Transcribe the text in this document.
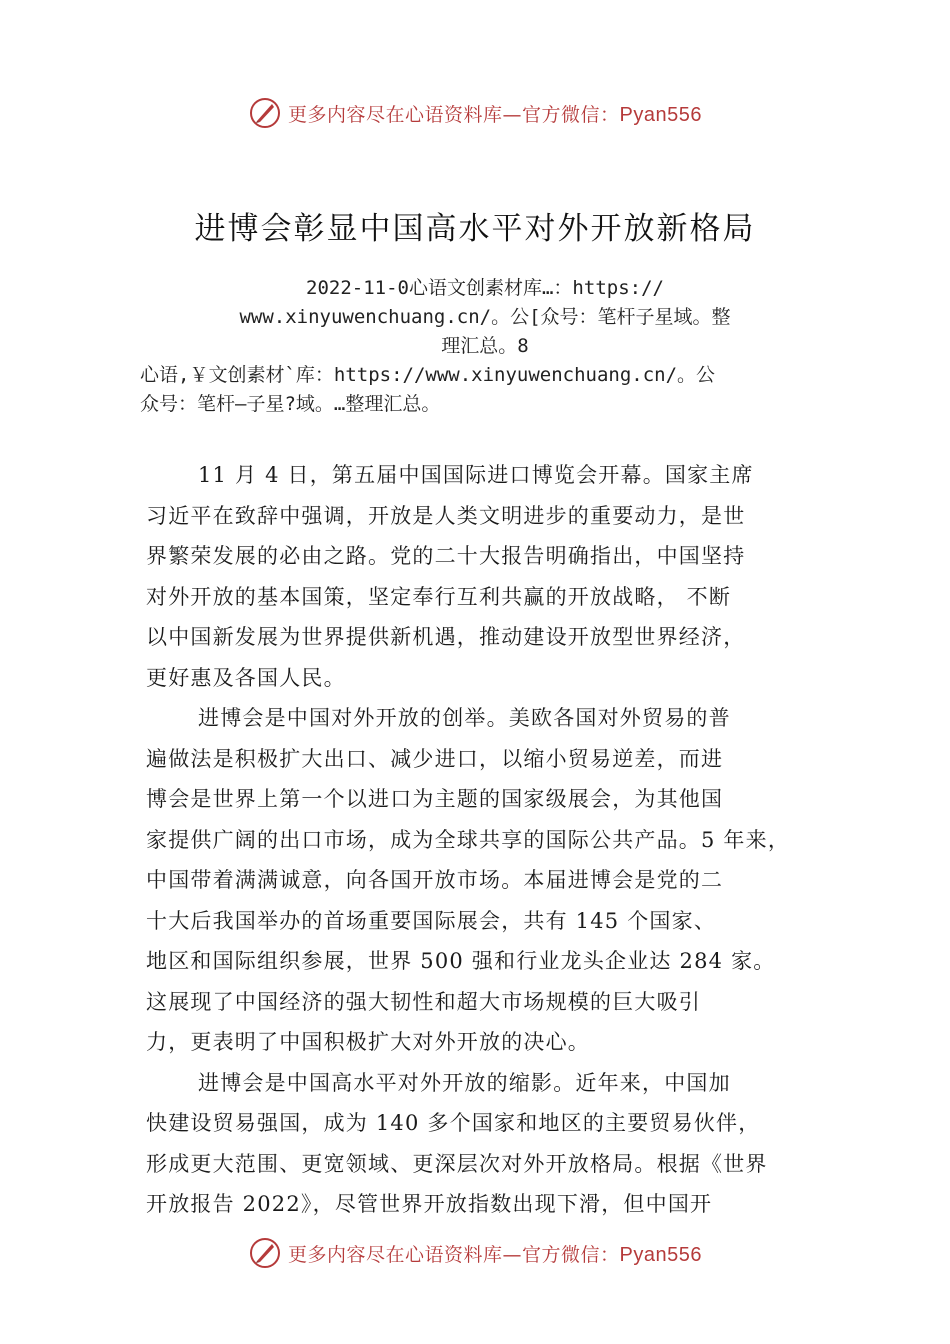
更多内容尽在心语资料库—官方微信：Pyan556
进博会彰显中国高水平对外开放新格局
2022-11-0心语文创素材库…：https://
www.xinyuwenchuang.cn/。公[众号：笔杆子星域。整
理汇总。8
心语,￥文创素材`库：https://www.xinyuwenchuang.cn/。公
众号：笔杆—子星?域。…整理汇总。
11 月 4 日，第五届中国国际进口博览会开幕。国家主席
习近平在致辞中强调，开放是人类文明进步的重要动力，是世
界繁荣发展的必由之路。党的二十大报告明确指出，中国坚持
对外开放的基本国策，坚定奉行互利共赢的开放战略， 不断
以中国新发展为世界提供新机遇，推动建设开放型世界经济，
更好惠及各国人民。
进博会是中国对外开放的创举。美欧各国对外贸易的普
遍做法是积极扩大出口、减少进口，以缩小贸易逆差，而进
博会是世界上第一个以进口为主题的国家级展会，为其他国
家提供广阔的出口市场，成为全球共享的国际公共产品。5 年来，
中国带着满满诚意，向各国开放市场。本届进博会是党的二
十大后我国举办的首场重要国际展会，共有 145 个国家、
地区和国际组织参展，世界 500 强和行业龙头企业达 284 家。
这展现了中国经济的强大韧性和超大市场规模的巨大吸引
力，更表明了中国积极扩大对外开放的决心。
进博会是中国高水平对外开放的缩影。近年来，中国加
快建设贸易强国，成为 140 多个国家和地区的主要贸易伙伴，
形成更大范围、更宽领域、更深层次对外开放格局。根据《世界
开放报告 2022》，尽管世界开放指数出现下滑，但中国开
更多内容尽在心语资料库—官方微信：Pyan556
